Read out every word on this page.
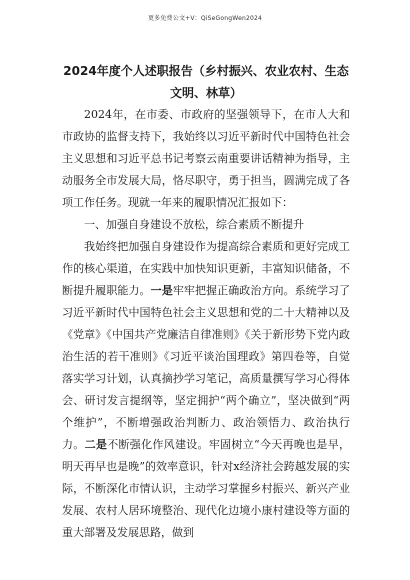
更多免费公文+V：QiSeGongWen2024

2024年度个人述职报告（乡村振兴、农业农村、生态文明、林草）

2024年，在市委、市政府的坚强领导下，在市人大和市政协的监督支持下，我始终以习近平新时代中国特色社会主义思想和习近平总书记考察云南重要讲话精神为指导，主动服务全市发展大局，恪尽职守，勇于担当，圆满完成了各项工作任务。现就一年来的履职情况汇报如下：

一、加强自身建设不放松，综合素质不断提升

我始终把加强自身建设作为提高综合素质和更好完成工作的核心渠道，在实践中加快知识更新，丰富知识储备，不断提升履职能力。一是牢牢把握正确政治方向。系统学习了习近平新时代中国特色社会主义思想和党的二十大精神以及《党章》《中国共产党廉洁自律准则》《关于新形势下党内政治生活的若干准则》《习近平谈治国理政》第四卷等，自觉落实学习计划，认真摘抄学习笔记，高质量撰写学习心得体会、研讨发言提纲等，坚定拥护“两个确立”，坚决做到“两个维护”，不断增强政治判断力、政治领悟力、政治执行力。二是不断强化作风建设。牢固树立“今天再晚也是早，明天再早也是晚”的效率意识，针对x经济社会跨越发展的实际，不断深化市情认识，主动学习掌握乡村振兴、新兴产业发展、农村人居环境整治、现代化边境小康村建设等方面的重大部署及发展思路，做到
